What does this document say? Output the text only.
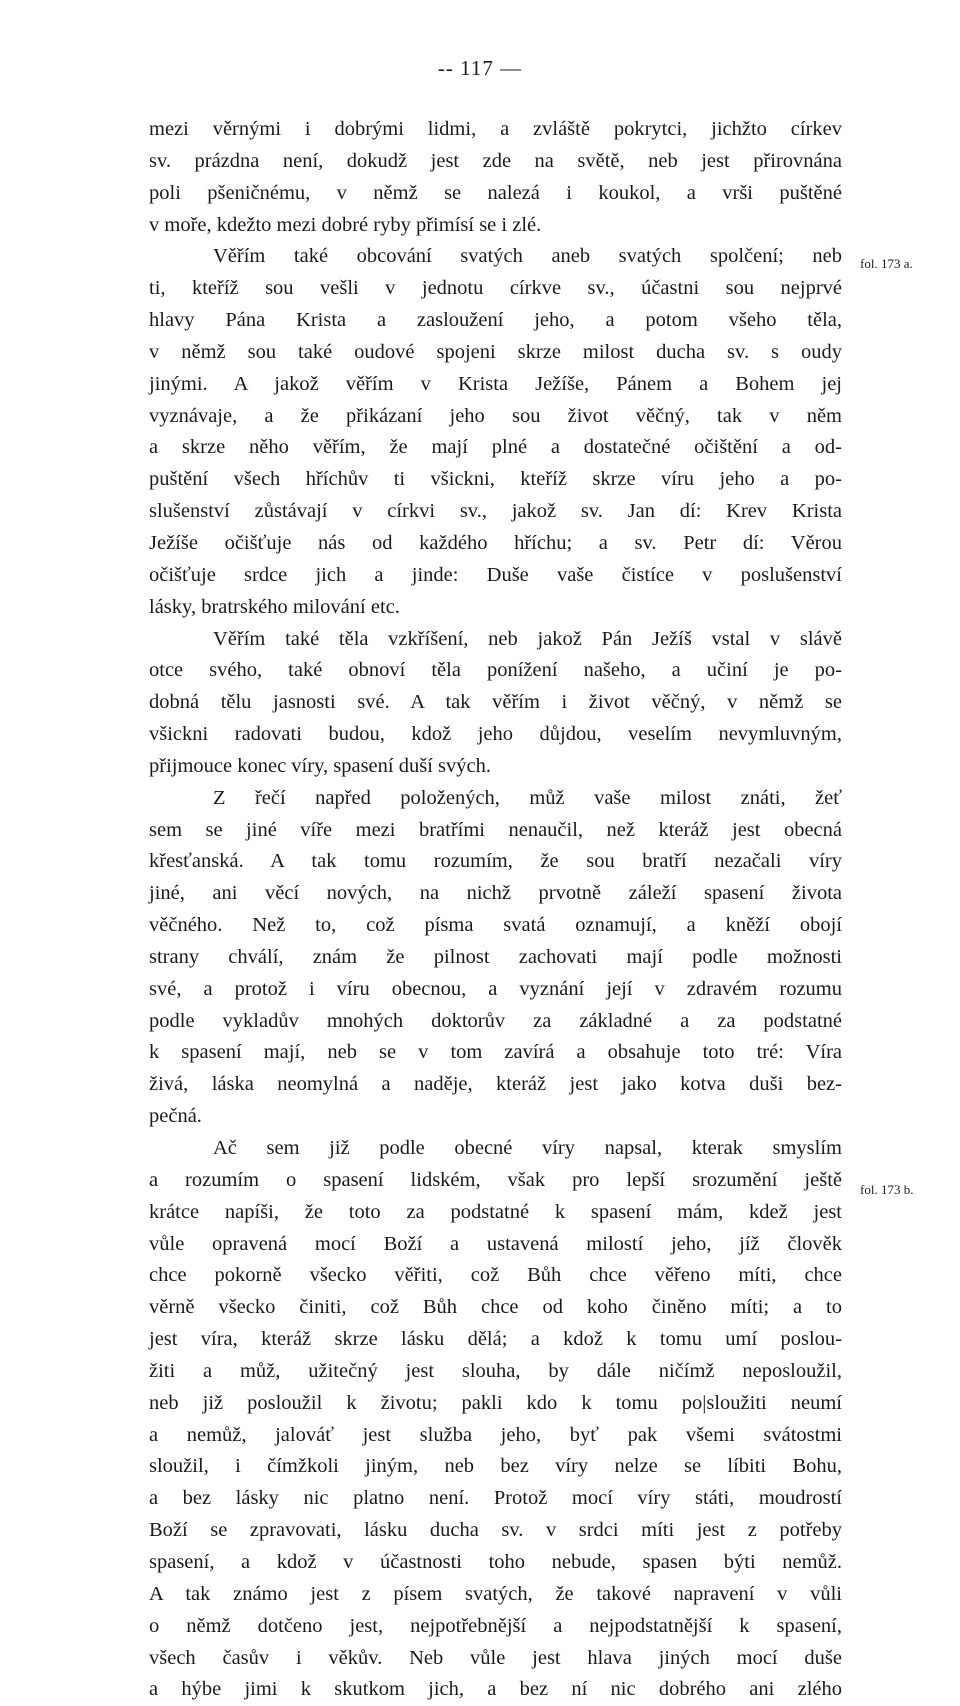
-- 117 —
mezi věrnými i dobrými lidmi, a zvláště pokrytci, jichžto církev
sv. prázdna není, dokudž jest zde na světě, neb jest přirovnána
poli pšeničnému, v němž se nalezá i koukol, a vrši puštěné
v moře, kdežto mezi dobré ryby přimísí se i zlé.
Věřím také obcování svatých aneb svatých spolčení; neb
ti, kteříž sou vešli v jednotu církve sv., účastni sou nejprvé
hlavy Pána Krista a zasloužení jeho, a potom všeho těla,
v němž sou také oudové spojeni skrze milost ducha sv. s oudy
jinými. A jakož věřím v Krista Ježíše, Pánem a Bohem jej
vyznávaje, a že přikázaní jeho sou život věčný, tak v něm
a skrze něho věřím, že mají plné a dostatečné očištění a od-
puštění všech hříchův ti všickni, kteříž skrze víru jeho a po-
slušenství zůstávají v církvi sv., jakož sv. Jan dí: Krev Krista
Ježíše očišťuje nás od každého hříchu; a sv. Petr dí: Věrou
očišťuje srdce jich a jinde: Duše vaše čistíce v poslušenství
lásky, bratrského milování etc.
Věřím také těla vzkříšení, neb jakož Pán Ježíš vstal v slávě
otce svého, také obnoví těla ponížení našeho, a učiní je po-
dobná tělu jasnosti své. A tak věřím i život věčný, v němž se
všickni radovati budou, kdož jeho důjdou, veselím nevymluvným,
přijmouce konec víry, spasení duší svých.
Z řečí napřed položených, můž vaše milost znáti, žeť
sem se jiné víře mezi bratřími nenaučil, než kteráž jest obecná
křesťanská. A tak tomu rozumím, že sou bratří nezačali víry
jiné, ani věcí nových, na nichž prvotně záleží spasení života
věčného. Než to, což písma svatá oznamují, a kněží obojí
strany chválí, znám že pilnost zachovati mají podle možnosti
své, a protož i víru obecnou, a vyznání její v zdravém rozumu
podle vykladův mnohých doktorův za základné a za podstatné
k spasení mají, neb se v tom zavírá a obsahuje toto tré: Víra
živá, láska neomylná a naděje, kteráž jest jako kotva duši bez-
pečná.
Ač sem již podle obecné víry napsal, kterak smyslím
a rozumím o spasení lidském, však pro lepší srozumění ještě
krátce napíši, že toto za podstatné k spasení mám, kdež jest
vůle opravená mocí Boží a ustavená milostí jeho, jíž člověk
chce pokorně všecko věřiti, což Bůh chce věřeno míti, chce
věrně všecko činiti, což Bůh chce od koho činěno míti; a to
jest víra, kteráž skrze lásku dělá; a kdož k tomu umí poslou-
žiti a můž, užitečný jest slouha, by dále ničímž neposloužil,
neb již posloužil k životu; pakli kdo k tomu po|sloužiti neumí
a nemůž, jalováť jest služba jeho, byť pak všemi svátostmi
sloužil, i čímžkoli jiným, neb bez víry nelze se líbiti Bohu,
a bez lásky nic platno není. Protož mocí víry státi, moudrostí
Boží se zpravovati, lásku ducha sv. v srdci míti jest z potřeby
spasení, a kdož v účastnosti toho nebude, spasen býti nemůž.
A tak známo jest z písem svatých, že takové napravení v vůli
o němž dotčeno jest, nejpotřebnější a nejpodstatnější k spasení,
všech časův i věkův. Neb vůle jest hlava jiných mocí duše
a hýbe jimi k skutkom jich, a bez ní nic dobrého ani zlého
fol. 173 a.
fol. 173 b.
